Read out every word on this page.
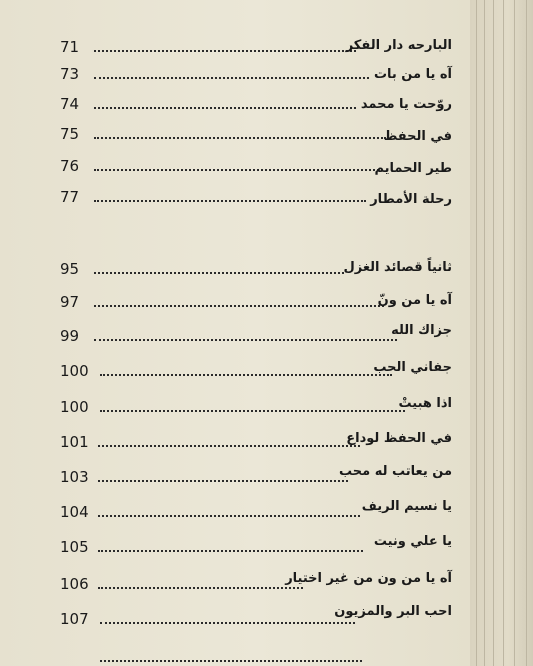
71	البارحه دار الفكر
73	آه يا من بات
74	روّحت يا محمد
75	في الحفظ
76	طير الحمايم
77	رحلة الأمطار
95	ثانياً قصائد الغزل
97	آه يا من ونّ
99	جزاك الله
100	جفاني الحب
100	اذا هبيتْ
101	في الحفظ لوداع
103	من يعاتب له محب
104	يا نسيم الريف
105	يا علي ونيت
106	آه يا من ون من غير اختيار
107	احب البر والمزيون
